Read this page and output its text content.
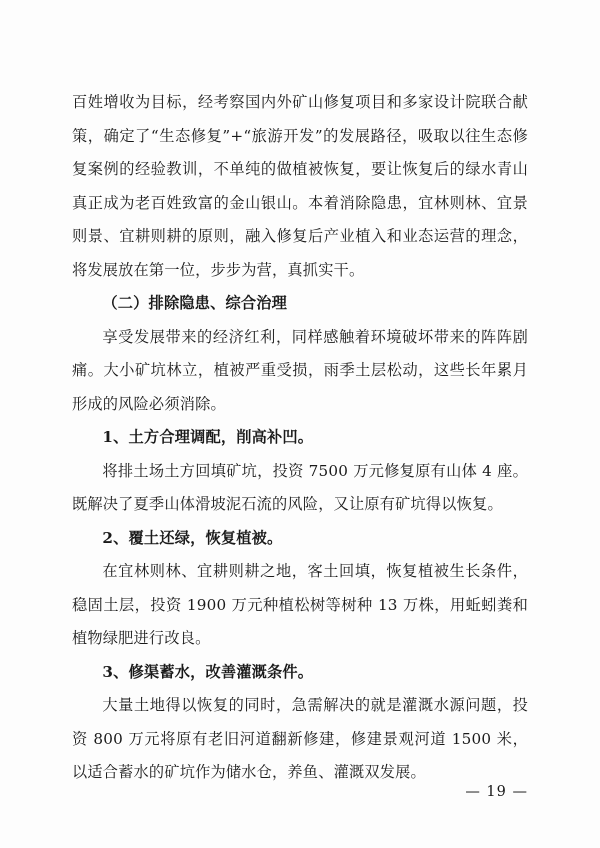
百姓增收为目标，经考察国内外矿山修复项目和多家设计院联合献策，确定了“生态修复”+“旅游开发”的发展路径，吸取以往生态修复案例的经验教训，不单纯的做植被恢复，要让恢复后的绿水青山真正成为老百姓致富的金山银山。本着消除隐患，宜林则林、宜景则景、宜耕则耕的原则，融入修复后产业植入和业态运营的理念，将发展放在第一位，步步为营，真抓实干。

（二）排除隐患、综合治理

享受发展带来的经济红利，同样感触着环境破坏带来的阵阵剧痛。大小矿坑林立，植被严重受损，雨季土层松动，这些长年累月形成的风险必须消除。

1、土方合理调配，削高补凹。

将排土场土方回填矿坑，投资 7500 万元修复原有山体 4 座。既解决了夏季山体滑坡泥石流的风险，又让原有矿坑得以恢复。

2、覆土还绿，恢复植被。

在宜林则林、宜耕则耕之地，客土回填，恢复植被生长条件，稳固土层，投资 1900 万元种植松树等树种 13 万株，用蚯蚓粪和植物绿肥进行改良。

3、修渠蓄水，改善灌溉条件。

大量土地得以恢复的同时，急需解决的就是灌溉水源问题，投资 800 万元将原有老旧河道翻新修建，修建景观河道 1500 米，以适合蓄水的矿坑作为储水仓，养鱼、灌溉双发展。

— 19 —
